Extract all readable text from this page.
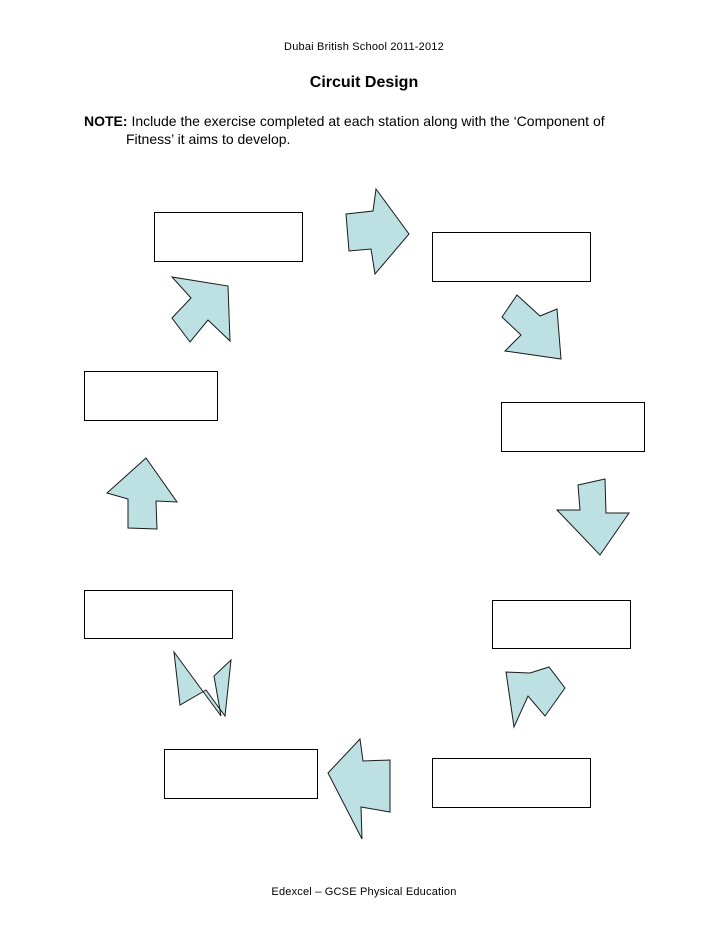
Dubai British School 2011-2012
Circuit Design
NOTE: Include the exercise completed at each station along with the ‘Component of
Fitness’ it aims to develop.
Edexcel – GCSE Physical Education
